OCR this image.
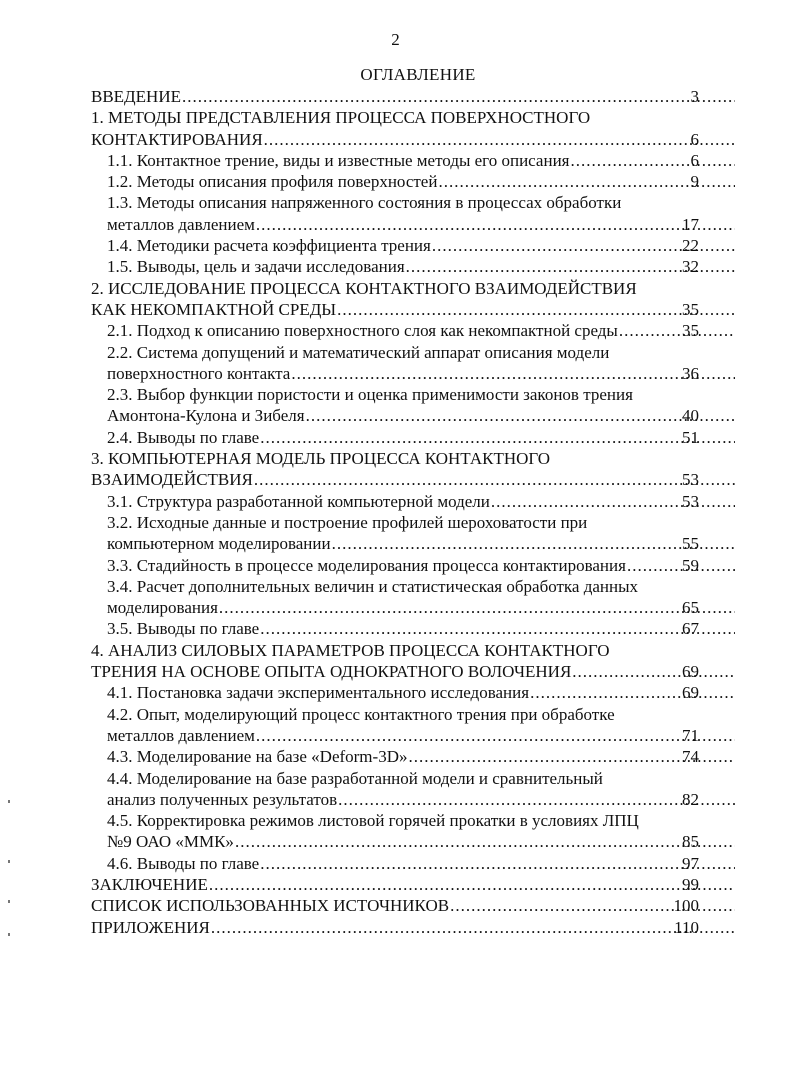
2
ОГЛАВЛЕНИЕ
ВВЕДЕНИЕ .....	3
1. МЕТОДЫ ПРЕДСТАВЛЕНИЯ ПРОЦЕССА ПОВЕРХНОСТНОГО
КОНТАКТИРОВАНИЯ .....	6
1.1. Контактное трение, виды и известные методы его описания .....	6
1.2. Методы описания профиля поверхностей .....	9
1.3. Методы описания напряженного состояния в процессах обработки
металлов давлением .....	17
1.4. Методики расчета коэффициента трения .....	22
1.5. Выводы, цель и задачи исследования .....	32
2. ИССЛЕДОВАНИЕ ПРОЦЕССА КОНТАКТНОГО ВЗАИМОДЕЙСТВИЯ
КАК НЕКОМПАКТНОЙ СРЕДЫ .....	35
2.1. Подход к описанию поверхностного слоя как некомпактной среды .....	35
2.2. Система допущений и математический аппарат описания модели
поверхностного контакта .....	36
2.3. Выбор функции пористости и оценка применимости законов трения
Амонтона-Кулона и Зибеля .....	40
2.4. Выводы по главе .....	51
3. КОМПЬЮТЕРНАЯ МОДЕЛЬ ПРОЦЕССА КОНТАКТНОГО
ВЗАИМОДЕЙСТВИЯ .....	53
3.1. Структура разработанной компьютерной модели .....	53
3.2. Исходные данные и построение профилей шероховатости при
компьютерном моделировании .....	55
3.3. Стадийность в процессе моделирования процесса контактирования .....	59
3.4. Расчет дополнительных величин и статистическая обработка данных
моделирования .....	65
3.5. Выводы по главе .....	67
4. АНАЛИЗ СИЛОВЫХ ПАРАМЕТРОВ ПРОЦЕССА КОНТАКТНОГО
ТРЕНИЯ НА ОСНОВЕ ОПЫТА ОДНОКРАТНОГО ВОЛОЧЕНИЯ .....	69
4.1. Постановка задачи экспериментального исследования .....	69
4.2. Опыт, моделирующий процесс контактного трения при обработке
металлов давлением .....	71
4.3. Моделирование на базе «Deform-3D» .....	74
4.4. Моделирование на базе разработанной модели и сравнительный
анализ полученных результатов .....	82
4.5. Корректировка режимов листовой горячей прокатки в условиях ЛПЦ
№9 ОАО «ММК» .....	85
4.6. Выводы по главе .....	97
ЗАКЛЮЧЕНИЕ .....	99
СПИСОК ИСПОЛЬЗОВАННЫХ ИСТОЧНИКОВ .....	100
ПРИЛОЖЕНИЯ .....	110
